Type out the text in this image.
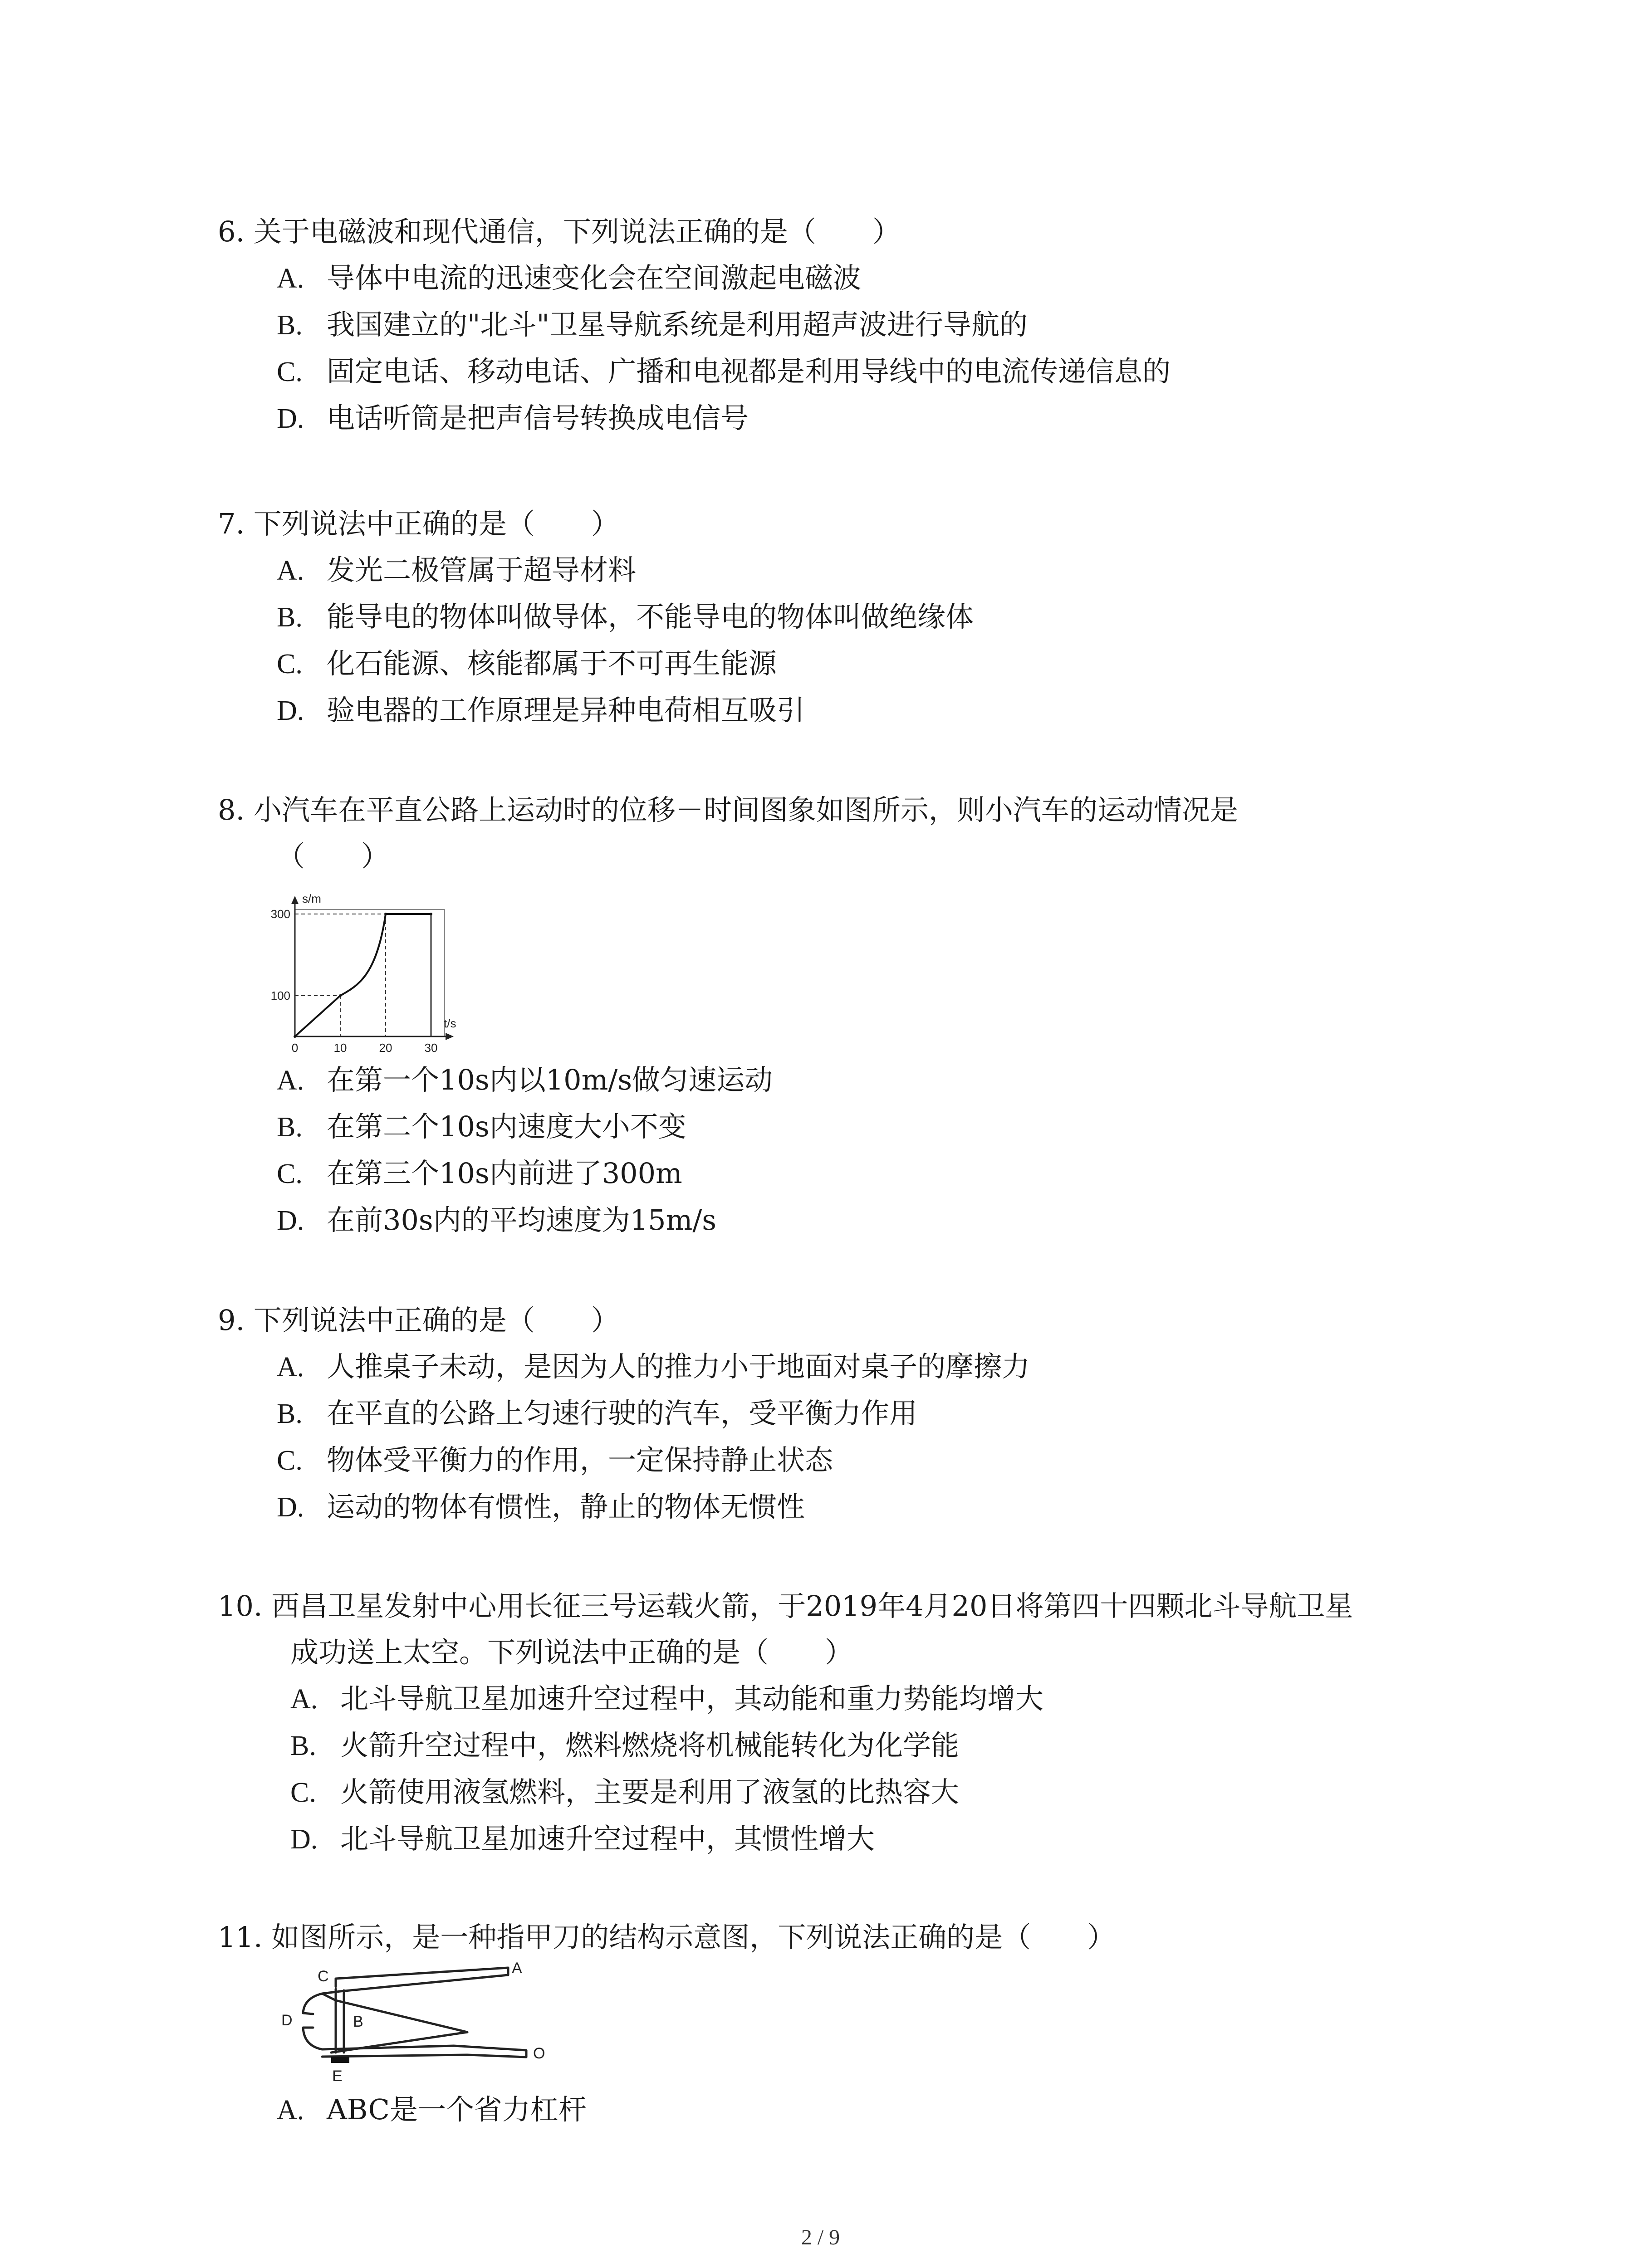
6. 关于电磁波和现代通信，下列说法正确的是（　　）
A. 导体中电流的迅速变化会在空间激起电磁波
B. 我国建立的"北斗"卫星导航系统是利用超声波进行导航的
C. 固定电话、移动电话、广播和电视都是利用导线中的电流传递信息的
D. 电话听筒是把声信号转换成电信号
7. 下列说法中正确的是（　　）
A. 发光二极管属于超导材料
B. 能导电的物体叫做导体，不能导电的物体叫做绝缘体
C. 化石能源、核能都属于不可再生能源
D. 验电器的工作原理是异种电荷相互吸引
8. 小汽车在平直公路上运动时的位移－时间图象如图所示，则小汽车的运动情况是
（　　）
s/m
t/s
0	10	20	30
100
300
A. 在第一个10s内以10m/s做匀速运动
B. 在第二个10s内速度大小不变
C. 在第三个10s内前进了300m
D. 在前30s内的平均速度为15m/s
9. 下列说法中正确的是（　　）
A. 人推桌子未动，是因为人的推力小于地面对桌子的摩擦力
B. 在平直的公路上匀速行驶的汽车，受平衡力作用
C. 物体受平衡力的作用，一定保持静止状态
D. 运动的物体有惯性，静止的物体无惯性
10. 西昌卫星发射中心用长征三号运载火箭，于2019年4月20日将第四十四颗北斗导航卫星
成功送上太空。下列说法中正确的是（　　）
A. 北斗导航卫星加速升空过程中，其动能和重力势能均增大
B. 火箭升空过程中，燃料燃烧将机械能转化为化学能
C. 火箭使用液氢燃料，主要是利用了液氢的比热容大
D. 北斗导航卫星加速升空过程中，其惯性增大
11. 如图所示，是一种指甲刀的结构示意图，下列说法正确的是（　　）
A
B
C
D
E
O
A. ABC是一个省力杠杆
2 / 9
